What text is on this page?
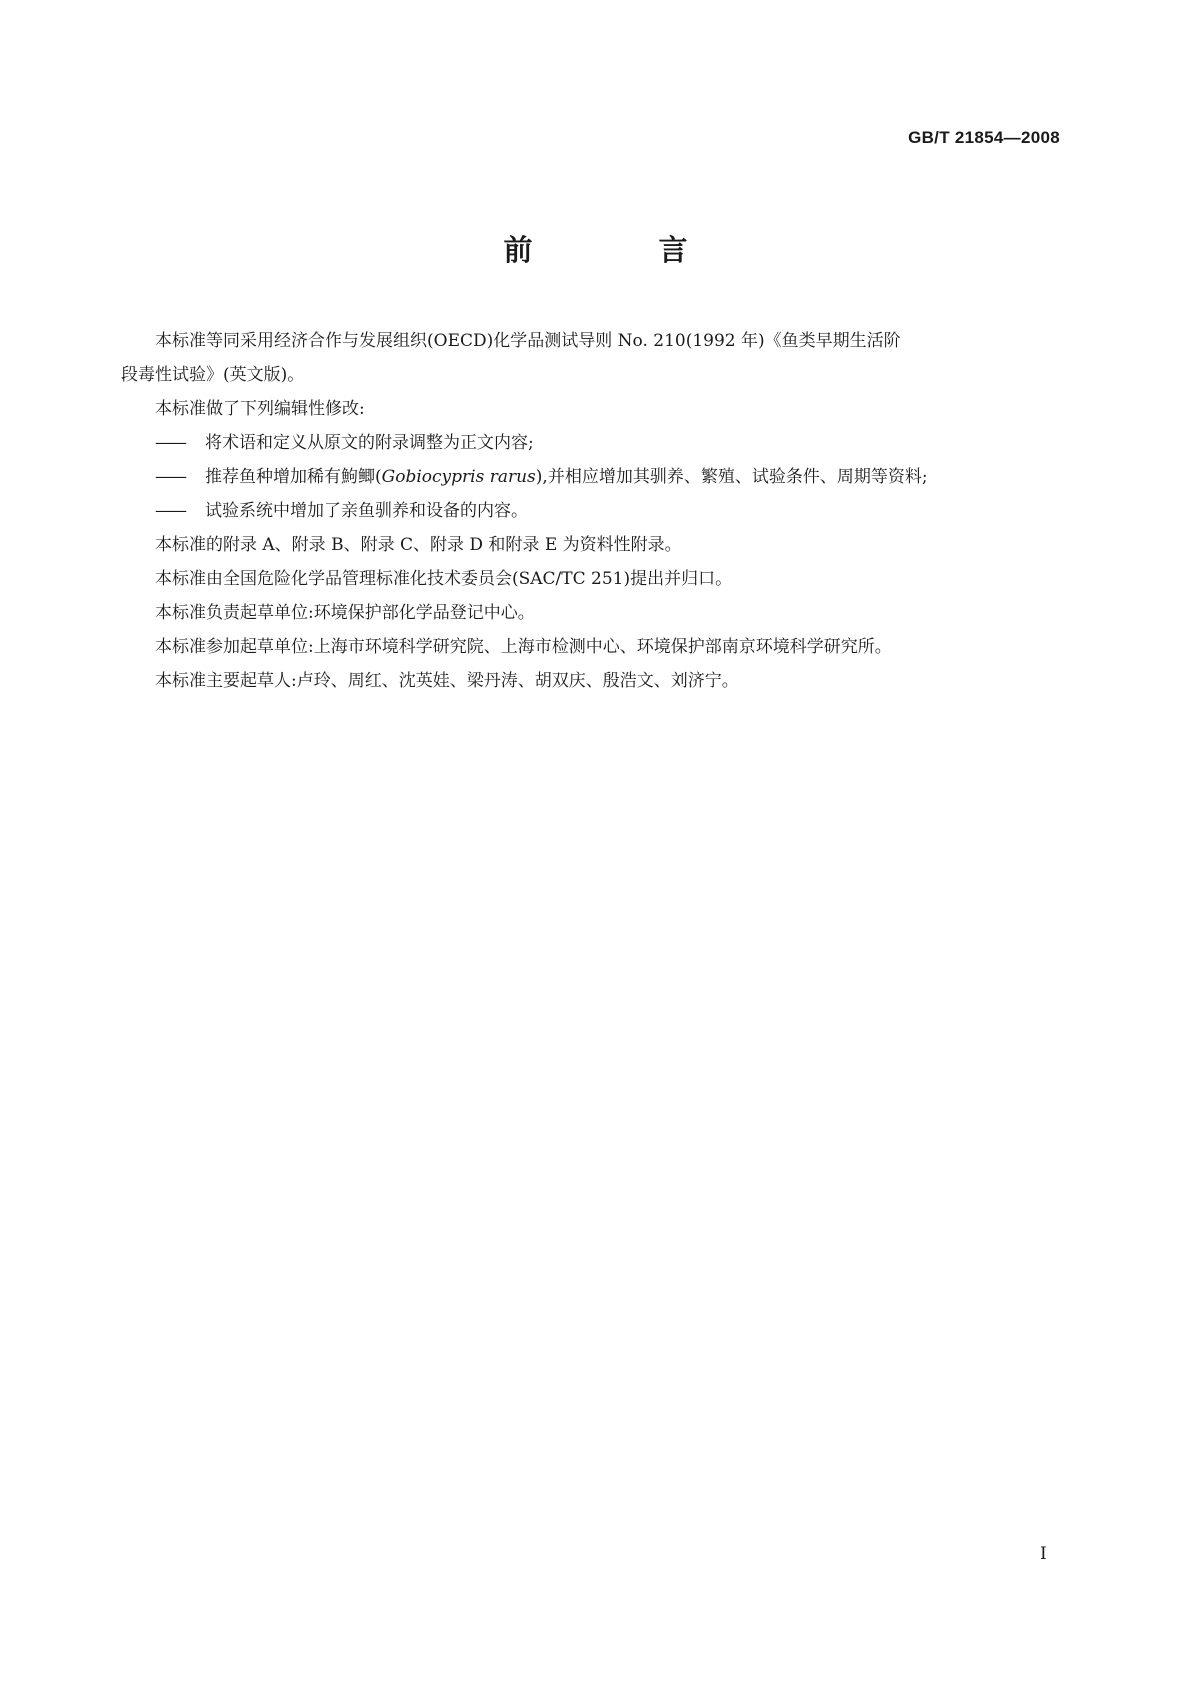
GB/T 21854—2008
前 言

本标准等同采用经济合作与发展组织(OECD)化学品测试导则 No. 210(1992 年)《鱼类早期生活阶

段毒性试验》(英文版)。

本标准做了下列编辑性修改:

—— 将术语和定义从原文的附录调整为正文内容;

—— 推荐鱼种增加稀有鮈鲫(Gobiocypris rarus),并相应增加其驯养、繁殖、试验条件、周期等资料;

—— 试验系统中增加了亲鱼驯养和设备的内容。

本标准的附录 A、附录 B、附录 C、附录 D 和附录 E 为资料性附录。

本标准由全国危险化学品管理标准化技术委员会(SAC/TC 251)提出并归口。

本标准负责起草单位:环境保护部化学品登记中心。

本标准参加起草单位:上海市环境科学研究院、上海市检测中心、环境保护部南京环境科学研究所。

本标准主要起草人:卢玲、周红、沈英娃、梁丹涛、胡双庆、殷浩文、刘济宁。

I
